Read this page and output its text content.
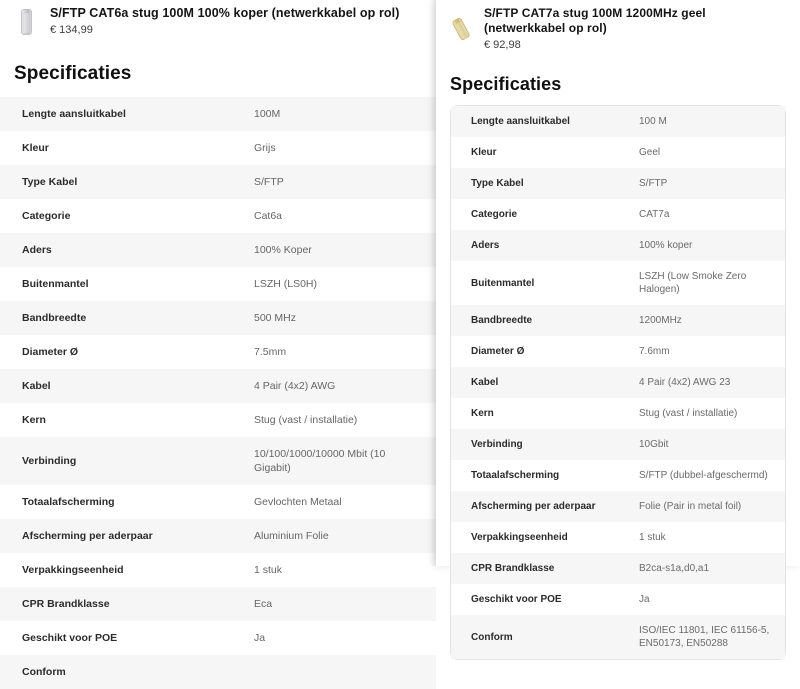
S/FTP CAT6a stug 100M 100% koper (netwerkkabel op rol)
€ 134,99
Specificaties
Lengte aansluitkabel	100M
Kleur	Grijs
Type Kabel	S/FTP
Categorie	Cat6a
Aders	100% Koper
Buitenmantel	LSZH (LS0H)
Bandbreedte	500 MHz
Diameter Ø	7.5mm
Kabel	4 Pair (4x2) AWG
Kern	Stug (vast / installatie)
Verbinding	10/100/1000/10000 Mbit (10 Gigabit)
Totaalafscherming	Gevlochten Metaal
Afscherming per aderpaar	Aluminium Folie
Verpakkingseenheid	1 stuk
CPR Brandklasse	Eca
Geschikt voor POE	Ja
Conform	
S/FTP CAT7a stug 100M 1200MHz geel (netwerkkabel op rol)
€ 92,98
Specificaties
Lengte aansluitkabel	100 M
Kleur	Geel
Type Kabel	S/FTP
Categorie	CAT7a
Aders	100% koper
Buitenmantel	LSZH (Low Smoke Zero Halogen)
Bandbreedte	1200MHz
Diameter Ø	7.6mm
Kabel	4 Pair (4x2) AWG 23
Kern	Stug (vast / installatie)
Verbinding	10Gbit
Totaalafscherming	S/FTP (dubbel-afgeschermd)
Afscherming per aderpaar	Folie (Pair in metal foil)
Verpakkingseenheid	1 stuk
CPR Brandklasse	B2ca-s1a,d0,a1
Geschikt voor POE	Ja
Conform	ISO/IEC 11801, IEC 61156-5, EN50173, EN50288
